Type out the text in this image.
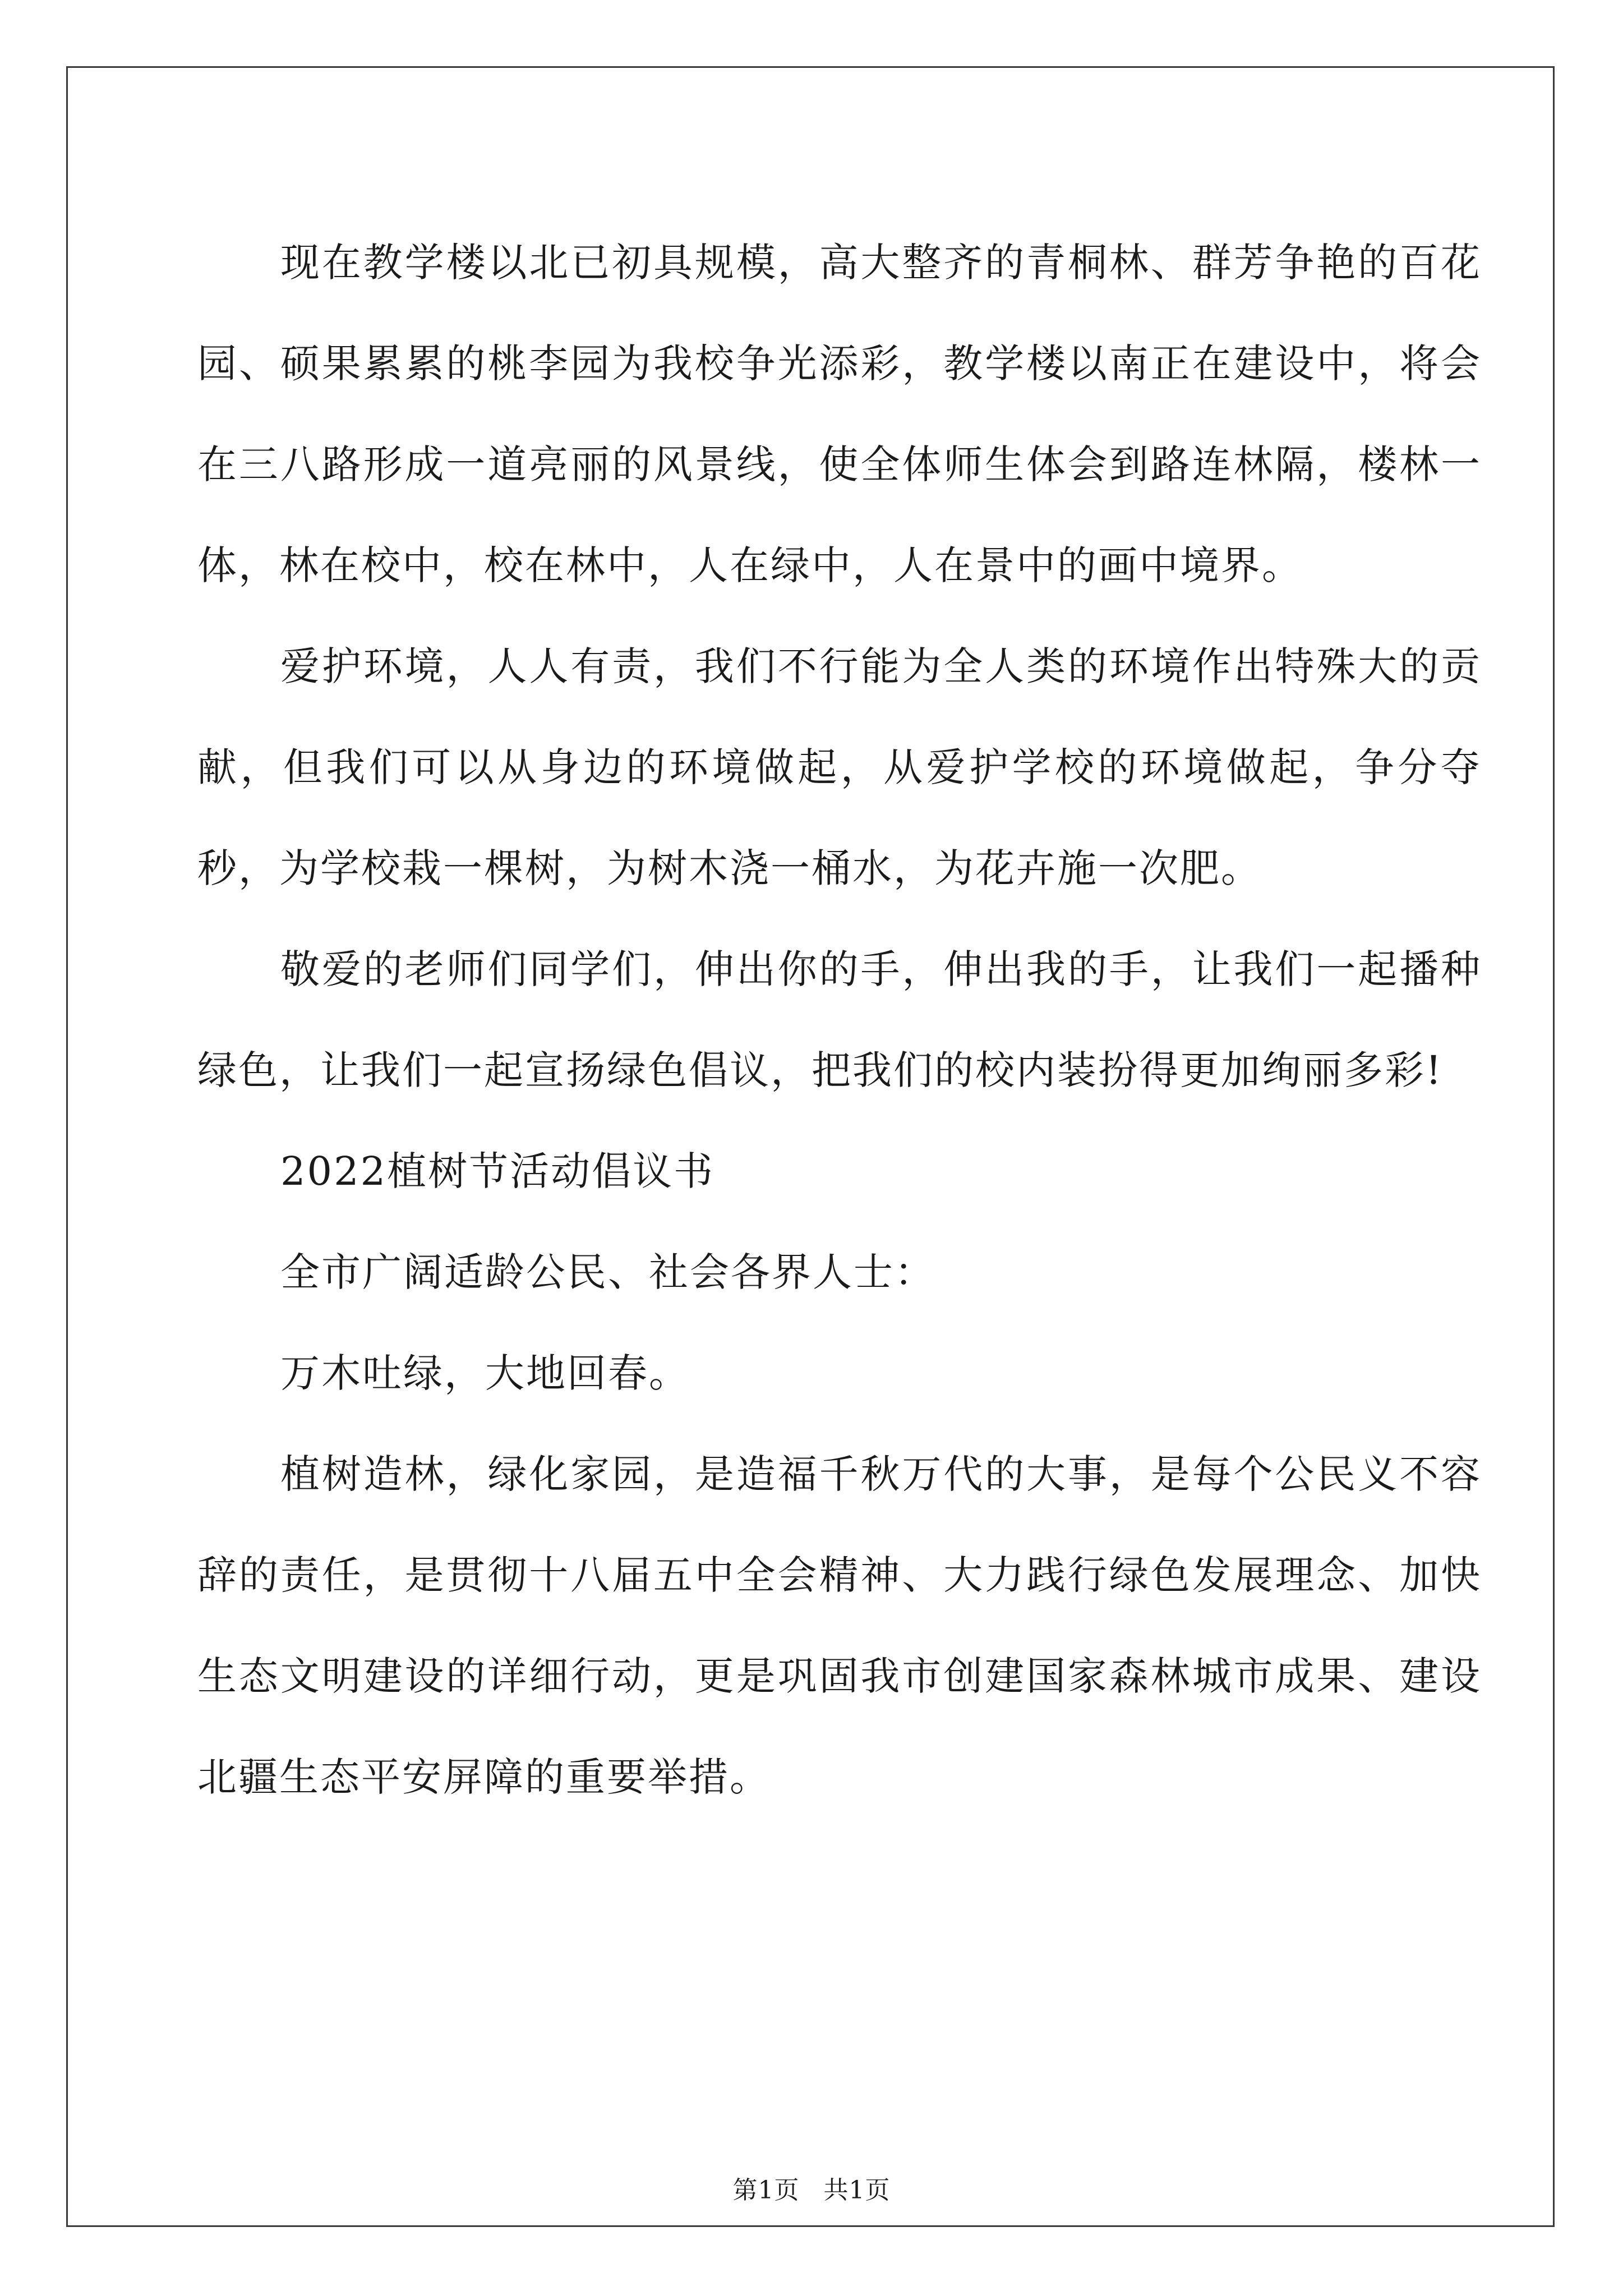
现在教学楼以北已初具规模，高大整齐的青桐林、群芳争艳的百花园、硕果累累的桃李园为我校争光添彩，教学楼以南正在建设中，将会在三八路形成一道亮丽的风景线，使全体师生体会到路连林隔，楼林一体，林在校中，校在林中，人在绿中，人在景中的画中境界。

爱护环境，人人有责，我们不行能为全人类的环境作出特殊大的贡献，但我们可以从身边的环境做起，从爱护学校的环境做起，争分夺秒，为学校栽一棵树，为树木浇一桶水，为花卉施一次肥。

敬爱的老师们同学们，伸出你的手，伸出我的手，让我们一起播种绿色，让我们一起宣扬绿色倡议，把我们的校内装扮得更加绚丽多彩!

2022植树节活动倡议书

全市广阔适龄公民、社会各界人士：

万木吐绿，大地回春。

植树造林，绿化家园，是造福千秋万代的大事，是每个公民义不容辞的责任，是贯彻十八届五中全会精神、大力践行绿色发展理念、加快生态文明建设的详细行动，更是巩固我市创建国家森林城市成果、建设北疆生态平安屏障的重要举措。

第1页 共1页
